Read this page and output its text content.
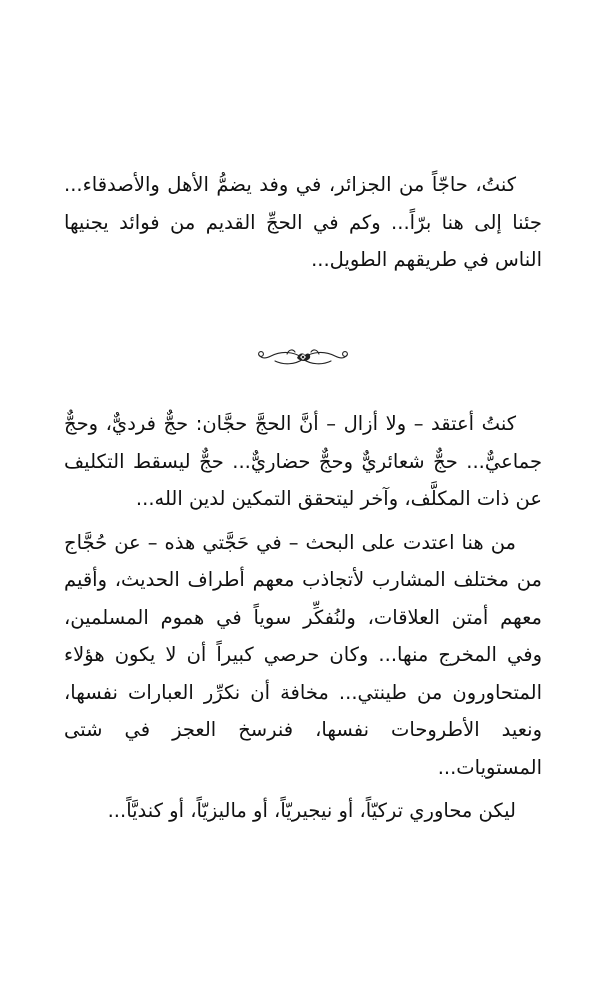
كنتُ، حاجّاً من الجزائر، في وفد يضمُّ الأهل والأصدقاء... جئنا إلى هنا برّاً... وكم في الحجِّ القديم من فوائد يجنيها الناس في طريقهم الطويل...

كنتُ أعتقد – ولا أزال – أنَّ الحجَّ حجَّان: حجٌّ فرديٌّ، وحجٌّ جماعيٌّ... حجٌّ شعائريٌّ وحجٌّ حضاريٌّ... حجٌّ ليسقط التكليف عن ذات المكلَّف، وآخر ليتحقق التمكين لدين الله...

من هنا اعتدت على البحث – في حَجَّتي هذه – عن حُجَّاج من مختلف المشارب لأتجاذب معهم أطراف الحديث، وأقيم معهم أمتن العلاقات، ولنُفكِّر سوياً في هموم المسلمين، وفي المخرج منها... وكان حرصي كبيراً أن لا يكون هؤلاء المتحاورون من طينتي... مخافة أن نكرِّر العبارات نفسها، ونعيد الأطروحات نفسها، فنرسخ العجز في شتى المستويات...

ليكن محاوري تركيّاً، أو نيجيريّاً، أو ماليزيّاً، أو كنديَّاً...
